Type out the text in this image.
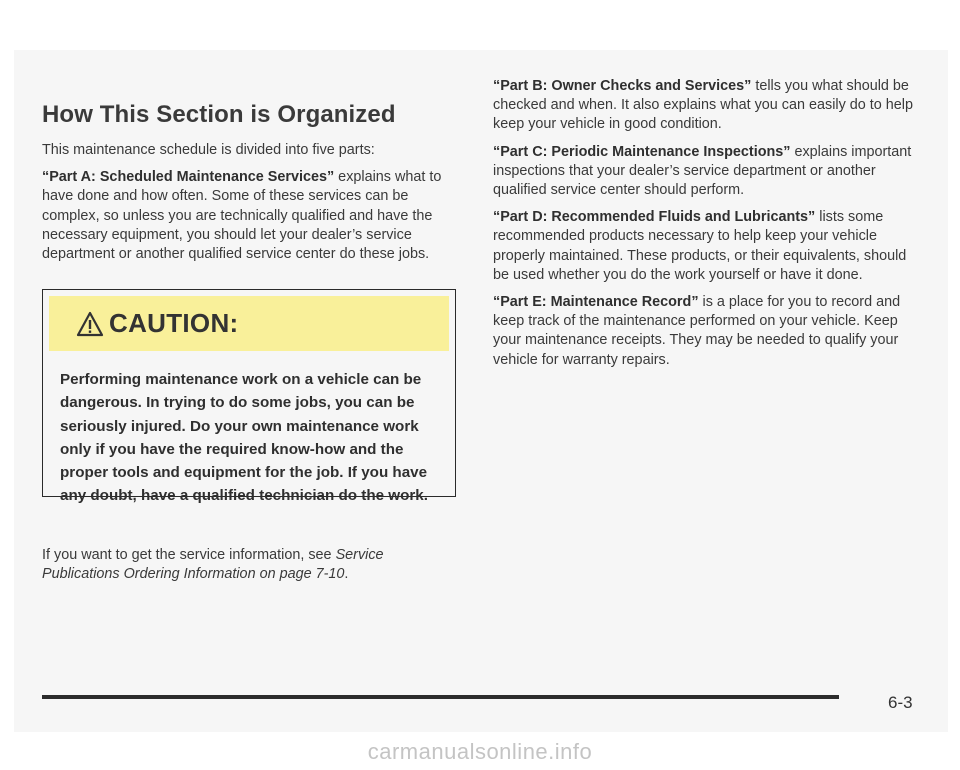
How This Section is Organized

This maintenance schedule is divided into five parts:

“Part A: Scheduled Maintenance Services” explains what to have done and how often. Some of these services can be complex, so unless you are technically qualified and have the necessary equipment, you should let your dealer’s service department or another qualified service center do these jobs.

CAUTION:
Performing maintenance work on a vehicle can be dangerous. In trying to do some jobs, you can be seriously injured. Do your own maintenance work only if you have the required know-how and the proper tools and equipment for the job. If you have any doubt, have a qualified technician do the work.

If you want to get the service information, see Service Publications Ordering Information on page 7-10.

“Part B: Owner Checks and Services” tells you what should be checked and when. It also explains what you can easily do to help keep your vehicle in good condition.

“Part C: Periodic Maintenance Inspections” explains important inspections that your dealer’s service department or another qualified service center should perform.

“Part D: Recommended Fluids and Lubricants” lists some recommended products necessary to help keep your vehicle properly maintained. These products, or their equivalents, should be used whether you do the work yourself or have it done.

“Part E: Maintenance Record” is a place for you to record and keep track of the maintenance performed on your vehicle. Keep your maintenance receipts. They may be needed to qualify your vehicle for warranty repairs.

6-3
carmanualsonline.info
